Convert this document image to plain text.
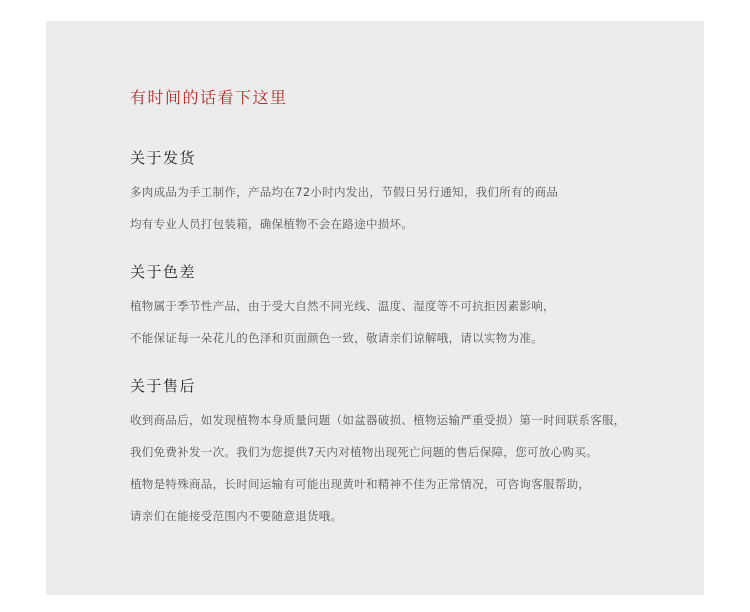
有时间的话看下这里
关于发货
多肉成品为手工制作，产品均在72小时内发出，节假日另行通知，我们所有的商品
均有专业人员打包装箱，确保植物不会在路途中损坏。
关于色差
植物属于季节性产品，由于受大自然不同光线、温度、湿度等不可抗拒因素影响，
不能保证每一朵花儿的色泽和页面颜色一致，敬请亲们谅解哦，请以实物为准。
关于售后
收到商品后，如发现植物本身质量问题（如盆器破损、植物运输严重受损）第一时间联系客服，
我们免费补发一次。我们为您提供7天内对植物出现死亡问题的售后保障，您可放心购买。
植物是特殊商品，长时间运输有可能出现黄叶和精神不佳为正常情况，可咨询客服帮助，
请亲们在能接受范围内不要随意退货哦。
